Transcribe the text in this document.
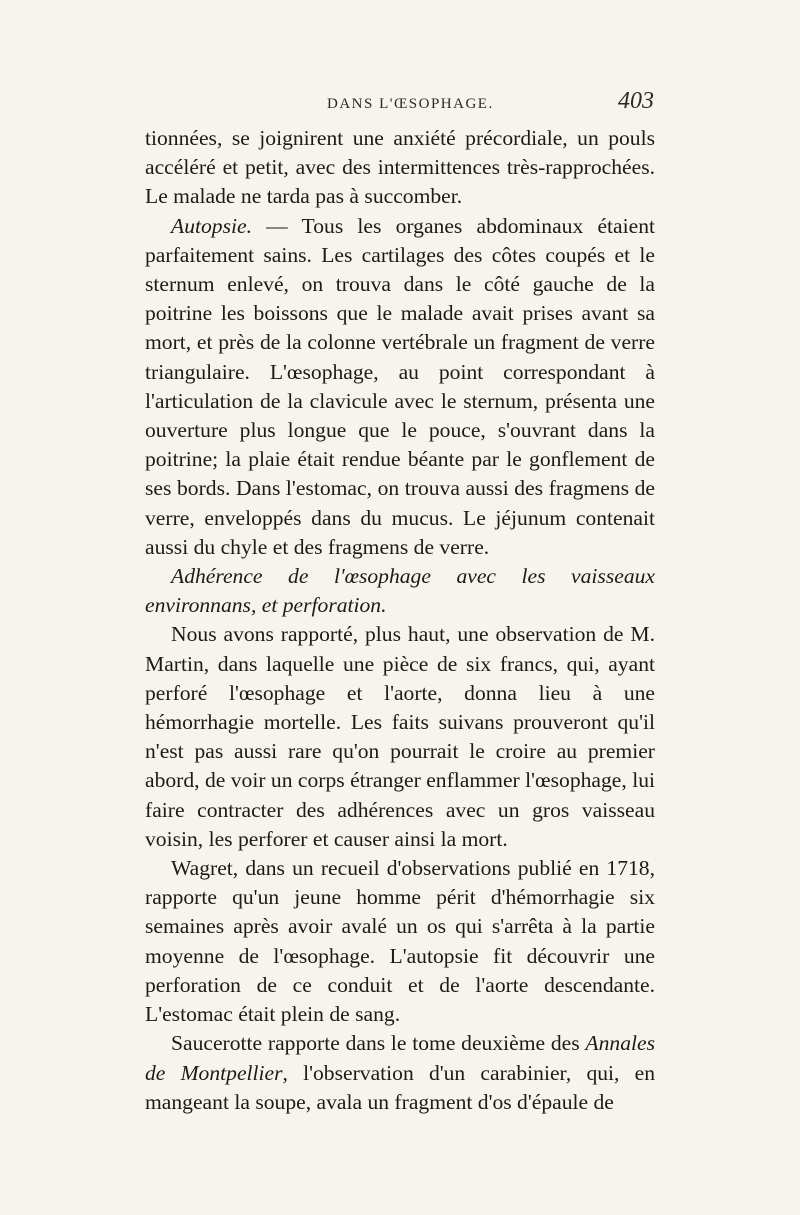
DANS L'ŒSOPHAGE.	403

tionnées, se joignirent une anxiété précordiale, un pouls accéléré et petit, avec des intermittences très-rapprochées. Le malade ne tarda pas à succomber.

Autopsie. — Tous les organes abdominaux étaient parfaitement sains. Les cartilages des côtes coupés et le sternum enlevé, on trouva dans le côté gauche de la poitrine les boissons que le malade avait prises avant sa mort, et près de la colonne vertébrale un fragment de verre triangulaire. L'œsophage, au point correspondant à l'articulation de la clavicule avec le sternum, présenta une ouverture plus longue que le pouce, s'ouvrant dans la poitrine; la plaie était rendue béante par le gonflement de ses bords. Dans l'estomac, on trouva aussi des fragmens de verre, enveloppés dans du mucus. Le jéjunum contenait aussi du chyle et des fragmens de verre.

Adhérence de l'œsophage avec les vaisseaux environnans, et perforation.

Nous avons rapporté, plus haut, une observation de M. Martin, dans laquelle une pièce de six francs, qui, ayant perforé l'œsophage et l'aorte, donna lieu à une hémorrhagie mortelle. Les faits suivans prouveront qu'il n'est pas aussi rare qu'on pourrait le croire au premier abord, de voir un corps étranger enflammer l'œsophage, lui faire contracter des adhérences avec un gros vaisseau voisin, les perforer et causer ainsi la mort.

Wagret, dans un recueil d'observations publié en 1718, rapporte qu'un jeune homme périt d'hémorrhagie six semaines après avoir avalé un os qui s'arrêta à la partie moyenne de l'œsophage. L'autopsie fit découvrir une perforation de ce conduit et de l'aorte descendante. L'estomac était plein de sang.

Saucerotte rapporte dans le tome deuxième des Annales de Montpellier, l'observation d'un carabinier, qui, en mangeant la soupe, avala un fragment d'os d'épaule de
